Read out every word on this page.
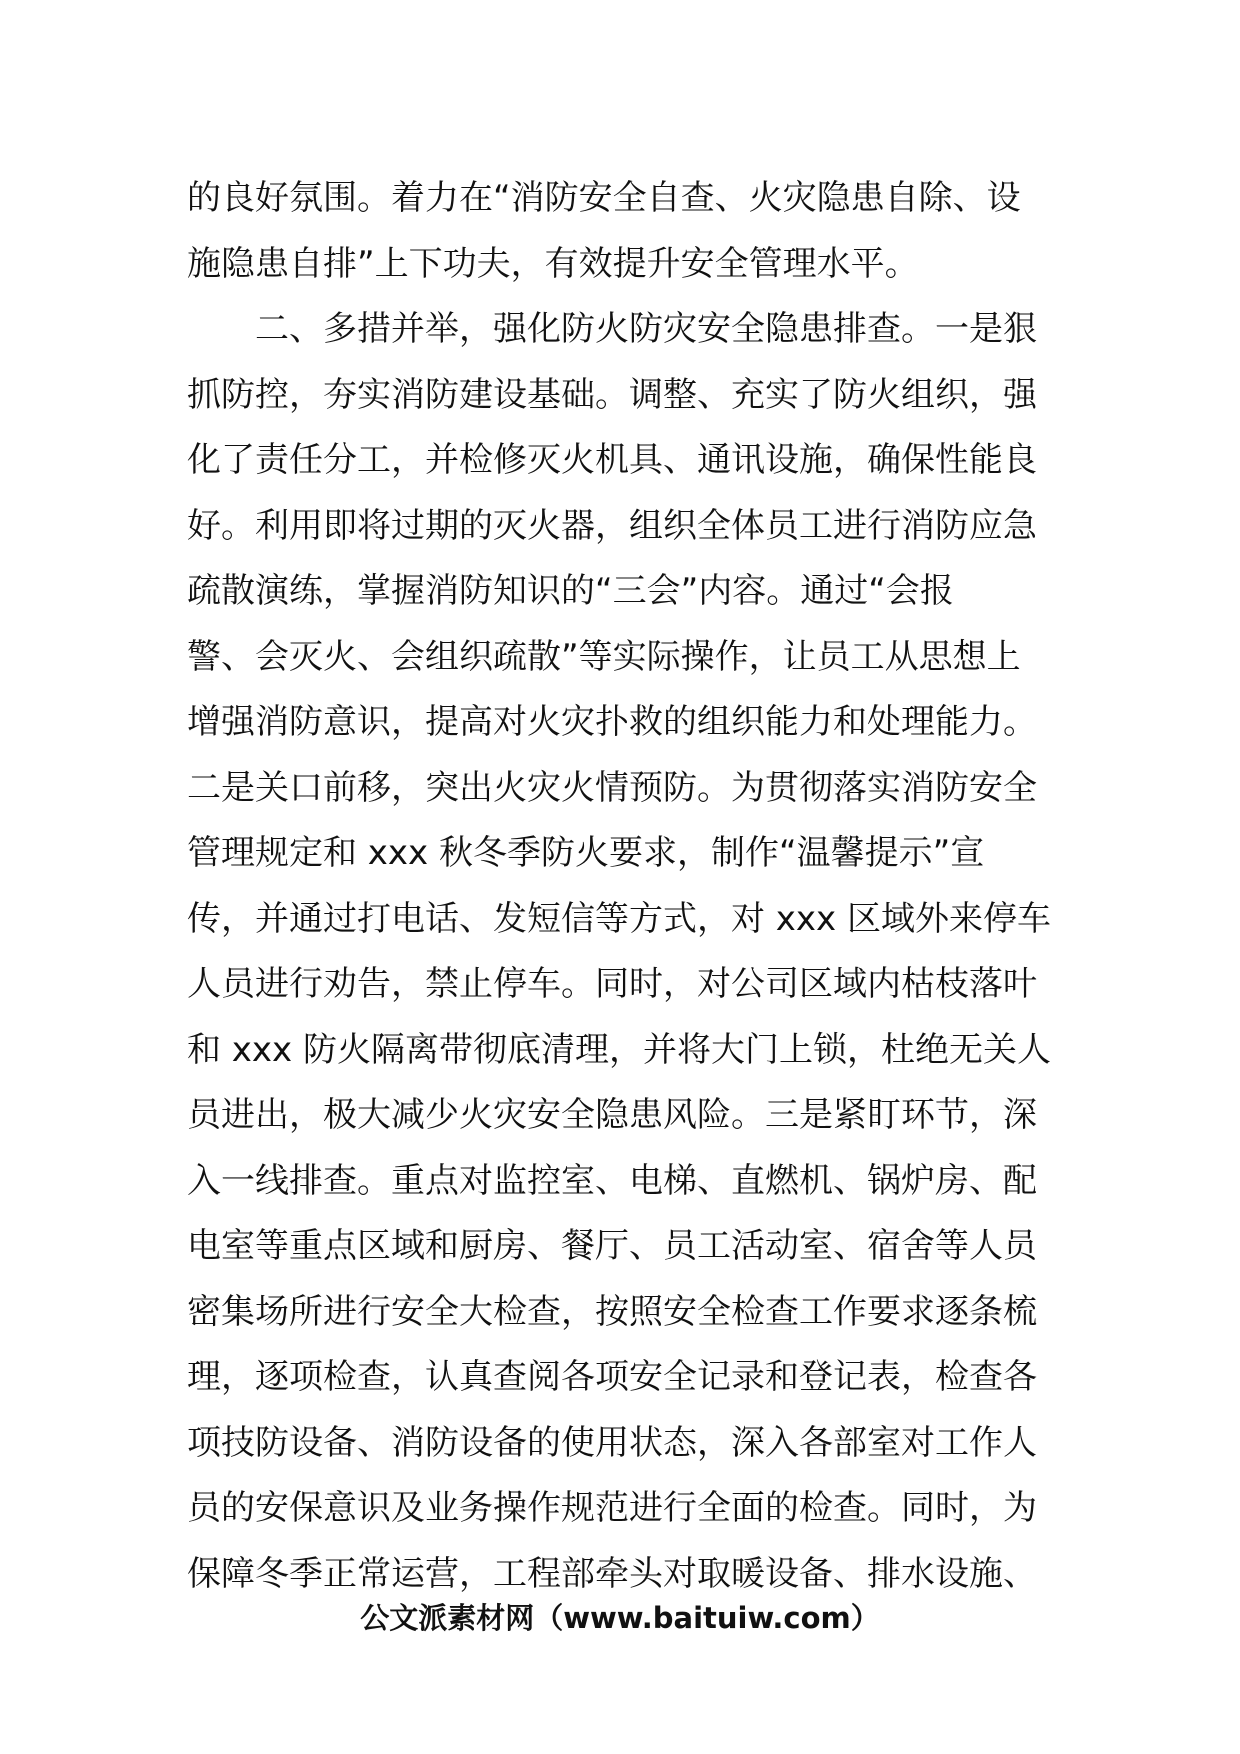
的良好氛围。着力在“消防安全自查、火灾隐患自除、设
施隐患自排”上下功夫，有效提升安全管理水平。
　　二、多措并举，强化防火防灾安全隐患排查。一是狠
抓防控，夯实消防建设基础。调整、充实了防火组织，强
化了责任分工，并检修灭火机具、通讯设施，确保性能良
好。利用即将过期的灭火器，组织全体员工进行消防应急
疏散演练，掌握消防知识的“三会”内容。通过“会报
警、会灭火、会组织疏散”等实际操作，让员工从思想上
增强消防意识，提高对火灾扑救的组织能力和处理能力。
二是关口前移，突出火灾火情预防。为贯彻落实消防安全
管理规定和 xxx 秋冬季防火要求，制作“温馨提示”宣
传，并通过打电话、发短信等方式，对 xxx 区域外来停车
人员进行劝告，禁止停车。同时，对公司区域内枯枝落叶
和 xxx 防火隔离带彻底清理，并将大门上锁，杜绝无关人
员进出，极大减少火灾安全隐患风险。三是紧盯环节，深
入一线排查。重点对监控室、电梯、直燃机、锅炉房、配
电室等重点区域和厨房、餐厅、员工活动室、宿舍等人员
密集场所进行安全大检查，按照安全检查工作要求逐条梳
理，逐项检查，认真查阅各项安全记录和登记表，检查各
项技防设备、消防设备的使用状态，深入各部室对工作人
员的安保意识及业务操作规范进行全面的检查。同时，为
保障冬季正常运营，工程部牵头对取暖设备、排水设施、
公文派素材网（www.baituiw.com）
